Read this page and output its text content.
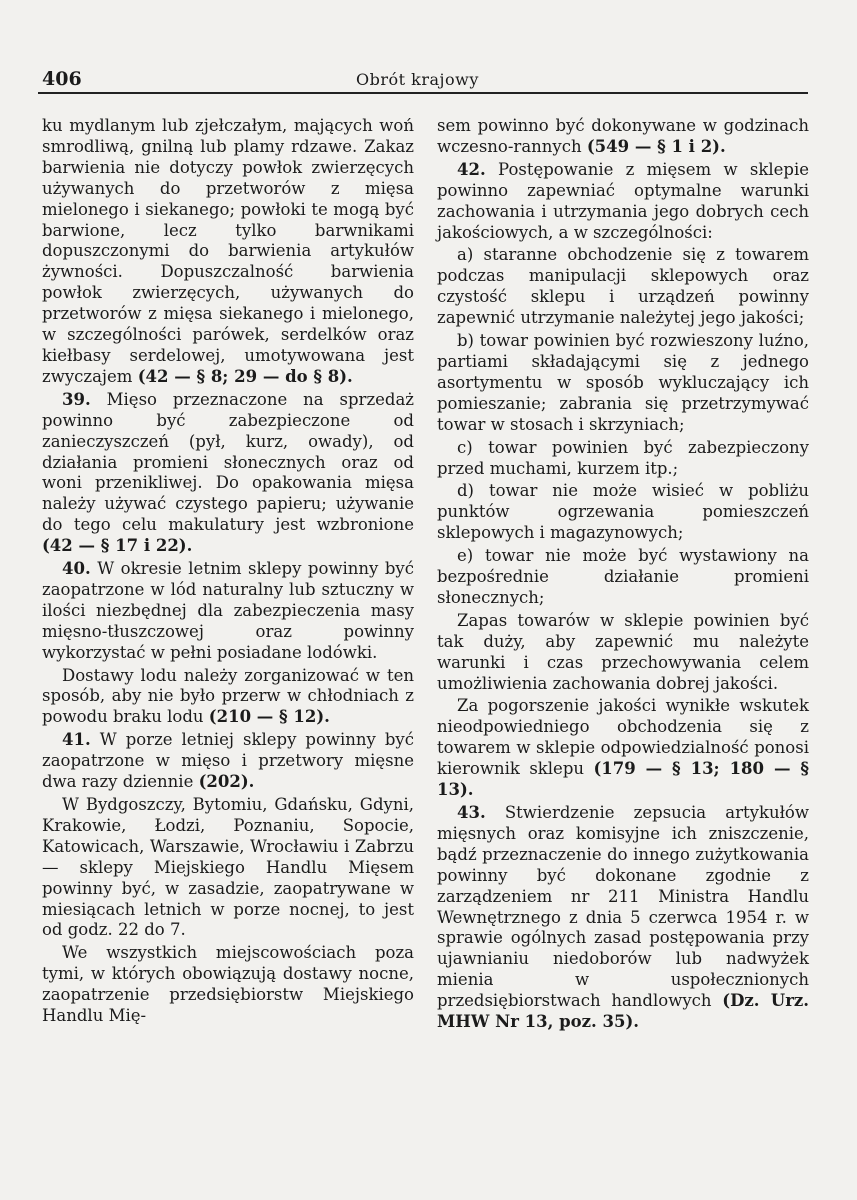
406	Obrót krajowy

ku mydlanym lub zjełczałym, mających woń smrodliwą, gnilną lub plamy rdzawe. Zakaz barwienia nie dotyczy powłok zwierzęcych używanych do przetworów z mięsa mielonego i siekanego; powłoki te mogą być barwione, lecz tylko barwnikami dopuszczonymi do barwienia artykułów żywności. Dopuszczalność barwienia powłok zwierzęcych, używanych do przetworów z mięsa siekanego i mielonego, w szczególności parówek, serdelków oraz kiełbasy serdelowej, umotywowana jest zwyczajem (42 — § 8; 29 — do § 8).

39. Mięso przeznaczone na sprzedaż powinno być zabezpieczone od zanieczyszczeń (pył, kurz, owady), od działania promieni słonecznych oraz od woni przenikliwej. Do opakowania mięsa należy używać czystego papieru; używanie do tego celu makulatury jest wzbronione (42 — § 17 i 22).

40. W okresie letnim sklepy powinny być zaopatrzone w lód naturalny lub sztuczny w ilości niezbędnej dla zabezpieczenia masy mięsno-tłuszczowej oraz powinny wykorzystać w pełni posiadane lodówki.

Dostawy lodu należy zorganizować w ten sposób, aby nie było przerw w chłodniach z powodu braku lodu (210 — § 12).

41. W porze letniej sklepy powinny być zaopatrzone w mięso i przetwory mięsne dwa razy dziennie (202).

W Bydgoszczy, Bytomiu, Gdańsku, Gdyni, Krakowie, Łodzi, Poznaniu, Sopocie, Katowicach, Warszawie, Wrocławiu i Zabrzu — sklepy Miejskiego Handlu Mięsem powinny być, w zasadzie, zaopatrywane w miesiącach letnich w porze nocnej, to jest od godz. 22 do 7.

We wszystkich miejscowościach poza tymi, w których obowiązują dostawy nocne, zaopatrzenie przedsiębiorstw Miejskiego Handlu Mię-

sem powinno być dokonywane w godzinach wczesno-rannych (549 — § 1 i 2).

42. Postępowanie z mięsem w sklepie powinno zapewniać optymalne warunki zachowania i utrzymania jego dobrych cech jakościowych, a w szczególności:

a) staranne obchodzenie się z towarem podczas manipulacji sklepowych oraz czystość sklepu i urządzeń powinny zapewnić utrzymanie należytej jego jakości;

b) towar powinien być rozwieszony luźno, partiami składającymi się z jednego asortymentu w sposób wykluczający ich pomieszanie; zabrania się przetrzymywać towar w stosach i skrzyniach;

c) towar powinien być zabezpieczony przed muchami, kurzem itp.;

d) towar nie może wisieć w pobliżu punktów ogrzewania pomieszczeń sklepowych i magazynowych;

e) towar nie może być wystawiony na bezpośrednie działanie promieni słonecznych;

Zapas towarów w sklepie powinien być tak duży, aby zapewnić mu należyte warunki i czas przechowywania celem umożliwienia zachowania dobrej jakości.

Za pogorszenie jakości wynikłe wskutek nieodpowiedniego obchodzenia się z towarem w sklepie odpowiedzialność ponosi kierownik sklepu (179 — § 13; 180 — § 13).

43. Stwierdzenie zepsucia artykułów mięsnych oraz komisyjne ich zniszczenie, bądź przeznaczenie do innego zużytkowania powinny być dokonane zgodnie z zarządzeniem nr 211 Ministra Handlu Wewnętrznego z dnia 5 czerwca 1954 r. w sprawie ogólnych zasad postępowania przy ujawnianiu niedoborów lub nadwyżek mienia w uspołecznionych przedsiębiorstwach handlowych (Dz. Urz. MHW Nr 13, poz. 35).
